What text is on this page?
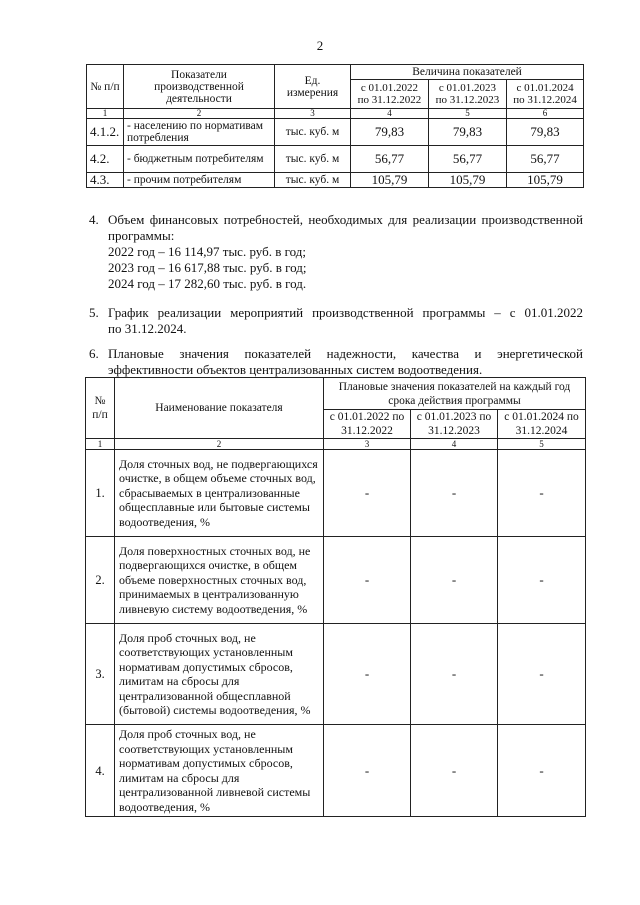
2
№ п/п	Показатели производственной деятельности	Ед. измерения	Величина показателей		
			с 01.01.2022 по 31.12.2022	с 01.01.2023 по 31.12.2023	с 01.01.2024 по 31.12.2024
1	2	3	4	5	6
4.1.2.	- населению по нормативам потребления	тыс. куб. м	79,83	79,83	79,83
4.2.	- бюджетным потребителям	тыс. куб. м	56,77	56,77	56,77
4.3.	- прочим потребителям	тыс. куб. м	105,79	105,79	105,79
4. Объем финансовых потребностей, необходимых для реализации производственной
программы:
2022 год – 16 114,97 тыс. руб. в год;
2023 год – 16 617,88 тыс. руб. в год;
2024 год – 17 282,60 тыс. руб. в год.
5. График реализации мероприятий производственной программы – с 01.01.2022
по 31.12.2024.
6. Плановые значения показателей надежности, качества и энергетической
эффективности объектов централизованных систем водоотведения.
№ п/п	Наименование показателя	Плановые значения показателей на каждый год срока действия программы		
		с 01.01.2022 по 31.12.2022	с 01.01.2023 по 31.12.2023	с 01.01.2024 по 31.12.2024
1	2	3	4	5
1.	Доля сточных вод, не подвергающихся очистке, в общем объеме сточных вод, сбрасываемых в централизованные общесплавные или бытовые системы водоотведения, %	-	-	-
2.	Доля поверхностных сточных вод, не подвергающихся очистке, в общем объеме поверхностных сточных вод, принимаемых в централизованную ливневую систему водоотведения, %	-	-	-
3.	Доля проб сточных вод, не соответствующих установленным нормативам допустимых сбросов, лимитам на сбросы для централизованной общесплавной (бытовой) системы водоотведения, %	-	-	-
4.	Доля проб сточных вод, не соответствующих установленным нормативам допустимых сбросов, лимитам на сбросы для централизованной ливневой системы водоотведения, %	-	-	-
